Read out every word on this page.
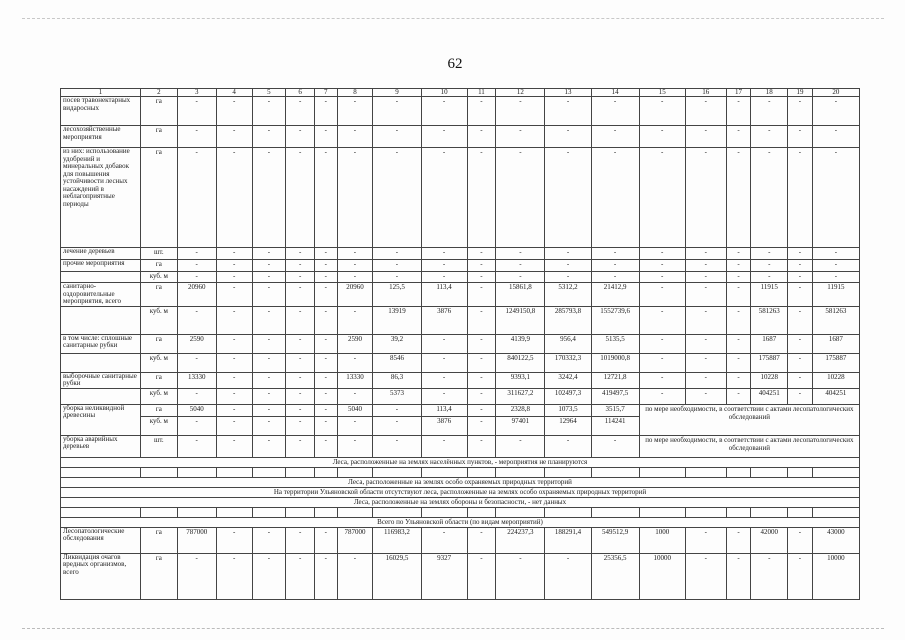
62
1	2	3	4	5	6	7	8	9	10	11	12	13	14	15	16	17	18	19	20
посев травонектарных видаросных	га	-	-	-	-	-	-	-	-	-	-	-	-	-	-	-	-	-	-
лесохозяйственные мероприятия	га	-	-	-	-	-	-	-	-	-	-	-	-	-	-	-	-	-	-
из них: использование удобрений и минеральных добавок для повышения устойчивости лесных насаждений в неблагоприятные периоды	га	-	-	-	-	-	-	-	-	-	-	-	-	-	-	-	-	-	-
лечение деревьев	шт.	-	-	-	-	-	-	-	-	-	-	-	-	-	-	-	-	-	-
прочие мероприятия	га	-	-	-	-	-	-	-	-	-	-	-	-	-	-	-	-	-	-
	куб. м	-	-	-	-	-	-	-	-	-	-	-	-	-	-	-	-	-	-
санитарно-оздоровительные мероприятия, всего	га	20960	-	-	-	-	20960	125,5	113,4	-	15861,8	5312,2	21412,9	-	-	-	11915	-	11915
	куб. м	-	-	-	-	-	-	13919	3876	-	1249150,8	285793,8	1552739,6	-	-	-	581263	-	581263
в том числе: сплошные санитарные рубки	га	2590	-	-	-	-	2590	39,2	-	-	4139,9	956,4	5135,5	-	-	-	1687	-	1687
	куб. м	-	-	-	-	-	-	8546	-	-	840122,5	170332,3	1019000,8	-	-	-	175887	-	175887
выборочные санитарные рубки	га	13330	-	-	-	-	13330	86,3	-	-	9393,1	3242,4	12721,8	-	-	-	10228	-	10228
	куб. м	-	-	-	-	-	-	5373	-	-	311627,2	102497,3	419497,5	-	-	-	404251	-	404251
уборка неликвидной древесины	га	5040	-	-	-	-	5040	-	113,4	-	2328,8	1073,5	3515,7	по мере необходимости, в соответствии с актами лесопатологических обследований					
	куб. м	-	-	-	-	-	-	-	3876	-	97401	12964	114241						
уборка аварийных деревьев	шт.	-	-	-	-	-	-	-	-	-	-	-	-	по мере необходимости, в соответствии с актами лесопатологических обследований					
Леса, расположенные на землях населённых пунктов, - мероприятия не планируются																			

Леса, расположенные на землях особо охраняемых природных территорий																			
На территории Ульяновской области отсутствуют леса, расположенные на землях особо охраняемых природных территорий																			
Леса, расположенные на землях обороны и безопасности, - нет данных																			

Всего по Ульяновской области (по видам мероприятий)																			
Лесопатологические обследования	га	787000	-	-	-	-	787000	116983,2	-	-	224237,3	188291,4	549512,9	1000	-	-	42000	-	43000
Ликвидация очагов вредных организмов, всего	га	-	-	-	-	-	-	16029,5	9327	-	-	-	25356,5	10000	-	-	-	-	10000
